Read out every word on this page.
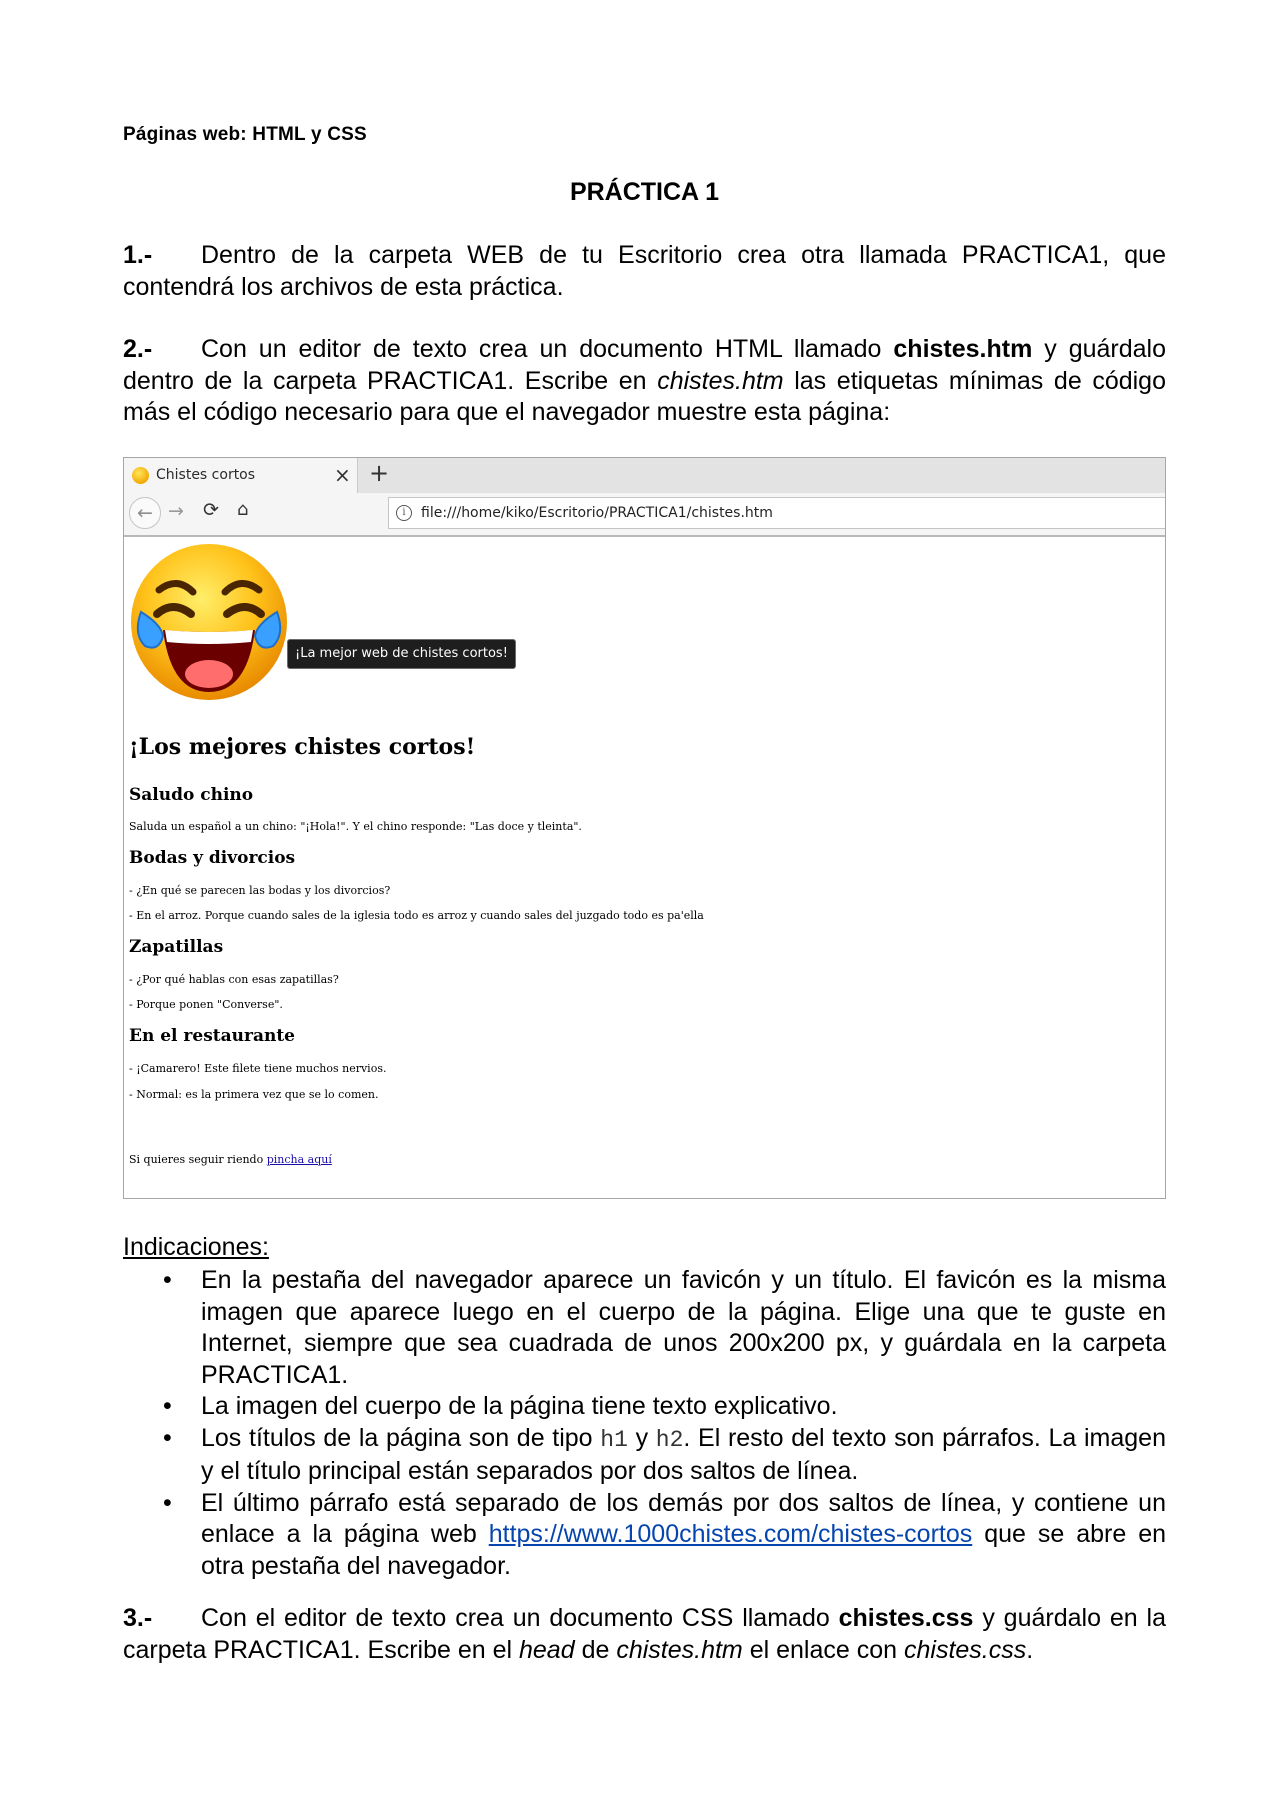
Páginas web: HTML y CSS
PRÁCTICA 1
1.- Dentro de la carpeta WEB de tu Escritorio crea otra llamada PRACTICA1, que contendrá los archivos de esta práctica.
2.- Con un editor de texto crea un documento HTML llamado chistes.htm y guárdalo dentro de la carpeta PRACTICA1. Escribe en chistes.htm las etiquetas mínimas de código más el código necesario para que el navegador muestre esta página:
Chistes cortos	× +
← → ⟳ ⌂	i	file:///home/kiko/Escritorio/PRACTICA1/chistes.htm
¡La mejor web de chistes cortos!
¡Los mejores chistes cortos!
Saludo chino
Saluda un español a un chino: "¡Hola!". Y el chino responde: "Las doce y tleinta".
Bodas y divorcios
- ¿En qué se parecen las bodas y los divorcios?
- En el arroz. Porque cuando sales de la iglesia todo es arroz y cuando sales del juzgado todo es pa'ella
Zapatillas
- ¿Por qué hablas con esas zapatillas?
- Porque ponen "Converse".
En el restaurante
- ¡Camarero! Este filete tiene muchos nervios.
- Normal: es la primera vez que se lo comen.
Si quieres seguir riendo pincha aquí
Indicaciones:
• En la pestaña del navegador aparece un favicón y un título. El favicón es la misma imagen que aparece luego en el cuerpo de la página. Elige una que te guste en Internet, siempre que sea cuadrada de unos 200x200 px, y guárdala en la carpeta PRACTICA1.
• La imagen del cuerpo de la página tiene texto explicativo.
• Los títulos de la página son de tipo h1 y h2. El resto del texto son párrafos. La imagen y el título principal están separados por dos saltos de línea.
• El último párrafo está separado de los demás por dos saltos de línea, y contiene un enlace a la página web https://www.1000chistes.com/chistes-cortos que se abre en otra pestaña del navegador.
3.- Con el editor de texto crea un documento CSS llamado chistes.css y guárdalo en la carpeta PRACTICA1. Escribe en el head de chistes.htm el enlace con chistes.css.
